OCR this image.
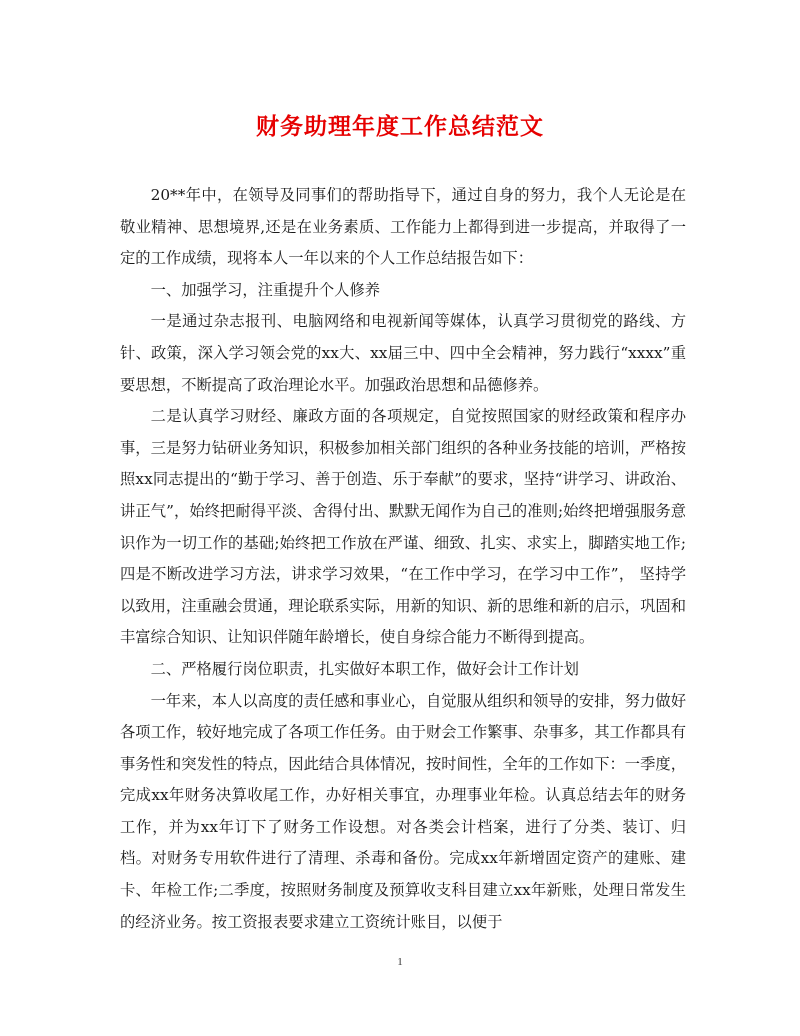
财务助理年度工作总结范文

20**年中，在领导及同事们的帮助指导下，通过自身的努力，我个人无论是在敬业精神、思想境界,还是在业务素质、工作能力上都得到进一步提高，并取得了一定的工作成绩，现将本人一年以来的个人工作总结报告如下：

一、加强学习，注重提升个人修养

一是通过杂志报刊、电脑网络和电视新闻等媒体，认真学习贯彻党的路线、方针、政策，深入学习领会党的xx大、xx届三中、四中全会精神，努力践行“xxxx”重要思想，不断提高了政治理论水平。加强政治思想和品德修养。

二是认真学习财经、廉政方面的各项规定，自觉按照国家的财经政策和程序办事，三是努力钻研业务知识，积极参加相关部门组织的各种业务技能的培训，严格按照xx同志提出的“勤于学习、善于创造、乐于奉献”的要求，坚持“讲学习、讲政治、讲正气”，始终把耐得平淡、舍得付出、默默无闻作为自己的准则;始终把增强服务意识作为一切工作的基础;始终把工作放在严谨、细致、扎实、求实上，脚踏实地工作;四是不断改进学习方法，讲求学习效果，“在工作中学习，在学习中工作”， 坚持学以致用，注重融会贯通，理论联系实际，用新的知识、新的思维和新的启示，巩固和丰富综合知识、让知识伴随年龄增长，使自身综合能力不断得到提高。

二、严格履行岗位职责，扎实做好本职工作，做好会计工作计划

一年来，本人以高度的责任感和事业心，自觉服从组织和领导的安排，努力做好各项工作，较好地完成了各项工作任务。由于财会工作繁事、杂事多，其工作都具有事务性和突发性的特点，因此结合具体情况，按时间性，全年的工作如下：一季度，完成xx年财务决算收尾工作，办好相关事宜，办理事业年检。认真总结去年的财务工作，并为xx年订下了财务工作设想。对各类会计档案，进行了分类、装订、归档。对财务专用软件进行了清理、杀毒和备份。完成xx年新增固定资产的建账、建卡、年检工作;二季度，按照财务制度及预算收支科目建立xx年新账，处理日常发生的经济业务。按工资报表要求建立工资统计账目，以便于

1
